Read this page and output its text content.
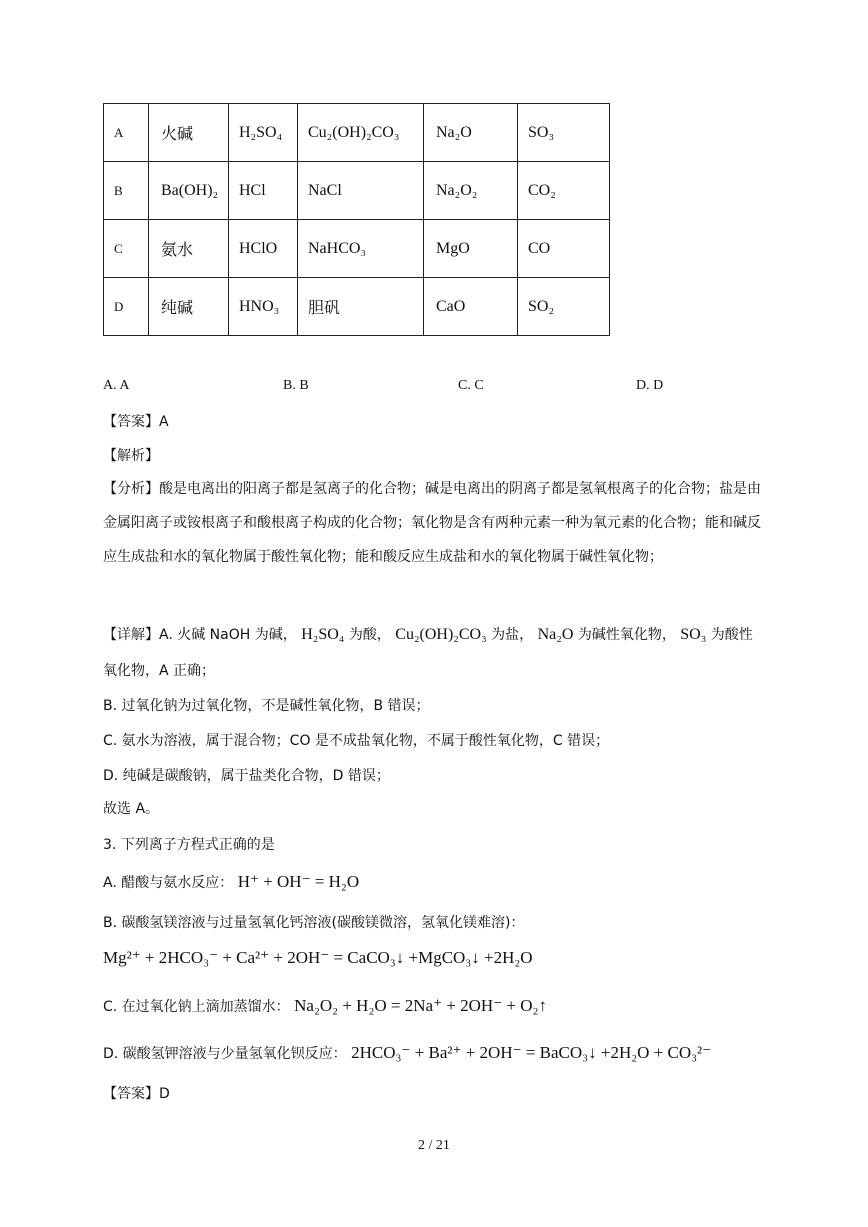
A	火碱	H₂SO₄	Cu₂(OH)₂CO₃	Na₂O	SO₃
B	Ba(OH)₂	HCl	NaCl	Na₂O₂	CO₂
C	氨水	HClO	NaHCO₃	MgO	CO
D	纯碱	HNO₃	胆矾	CaO	SO₂
A. A	B. B	C. C	D. D
【答案】A
【解析】
【分析】酸是电离出的阳离子都是氢离子的化合物；碱是电离出的阴离子都是氢氧根离子的化合物；盐是由金属阳离子或铵根离子和酸根离子构成的化合物；氧化物是含有两种元素一种为氧元素的化合物；能和碱反应生成盐和水的氧化物属于酸性氧化物；能和酸反应生成盐和水的氧化物属于碱性氧化物；
【详解】A. 火碱 NaOH 为碱， H₂SO₄ 为酸， Cu₂(OH)₂CO₃ 为盐， Na₂O 为碱性氧化物， SO₃ 为酸性
氧化物，A 正确；
B. 过氧化钠为过氧化物，不是碱性氧化物，B 错误；
C. 氨水为溶液，属于混合物；CO 是不成盐氧化物，不属于酸性氧化物，C 错误；
D. 纯碱是碳酸钠，属于盐类化合物，D 错误；
故选 A。
3. 下列离子方程式正确的是
A. 醋酸与氨水反应： H⁺ + OH⁻ = H₂O
B. 碳酸氢镁溶液与过量氢氧化钙溶液(碳酸镁微溶，氢氧化镁难溶)：
Mg²⁺ + 2HCO₃⁻ + Ca²⁺ + 2OH⁻ = CaCO₃↓ +MgCO₃↓ +2H₂O
C. 在过氧化钠上滴加蒸馏水： Na₂O₂ + H₂O = 2Na⁺ + 2OH⁻ + O₂↑
D. 碳酸氢钾溶液与少量氢氧化钡反应： 2HCO₃⁻ + Ba²⁺ + 2OH⁻ = BaCO₃↓ +2H₂O + CO₃²⁻
【答案】D
2 / 21
